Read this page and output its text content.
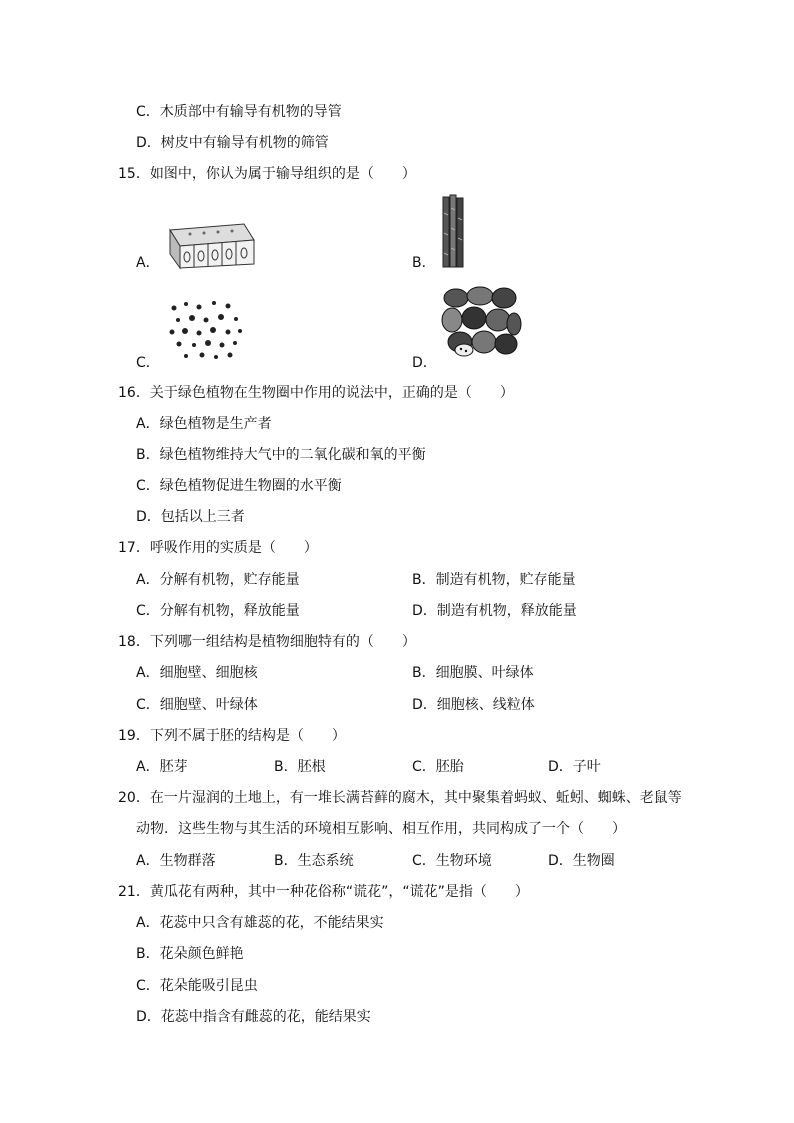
C．木质部中有输导有机物的导管
D．树皮中有输导有机物的筛管
15．如图中，你认为属于输导组织的是（　　）
A．	B．
C．	D．
16．关于绿色植物在生物圈中作用的说法中，正确的是（　　）
A．绿色植物是生产者
B．绿色植物维持大气中的二氧化碳和氧的平衡
C．绿色植物促进生物圈的水平衡
D．包括以上三者
17．呼吸作用的实质是（　　）
A．分解有机物，贮存能量	B．制造有机物，贮存能量
C．分解有机物，释放能量	D．制造有机物，释放能量
18．下列哪一组结构是植物细胞特有的（　　）
A．细胞壁、细胞核	B．细胞膜、叶绿体
C．细胞壁、叶绿体	D．细胞核、线粒体
19．下列不属于胚的结构是（　　）
A．胚芽	B．胚根	C．胚胎	D．子叶
20．在一片湿润的土地上，有一堆长满苔藓的腐木，其中聚集着蚂蚁、蚯蚓、蜘蛛、老鼠等
动物．这些生物与其生活的环境相互影响、相互作用，共同构成了一个（　　）
A．生物群落	B．生态系统	C．生物环境	D．生物圈
21．黄瓜花有两种，其中一种花俗称“谎花”，“谎花”是指（　　）
A．花蕊中只含有雄蕊的花，不能结果实
B．花朵颜色鲜艳
C．花朵能吸引昆虫
D．花蕊中指含有雌蕊的花，能结果实
